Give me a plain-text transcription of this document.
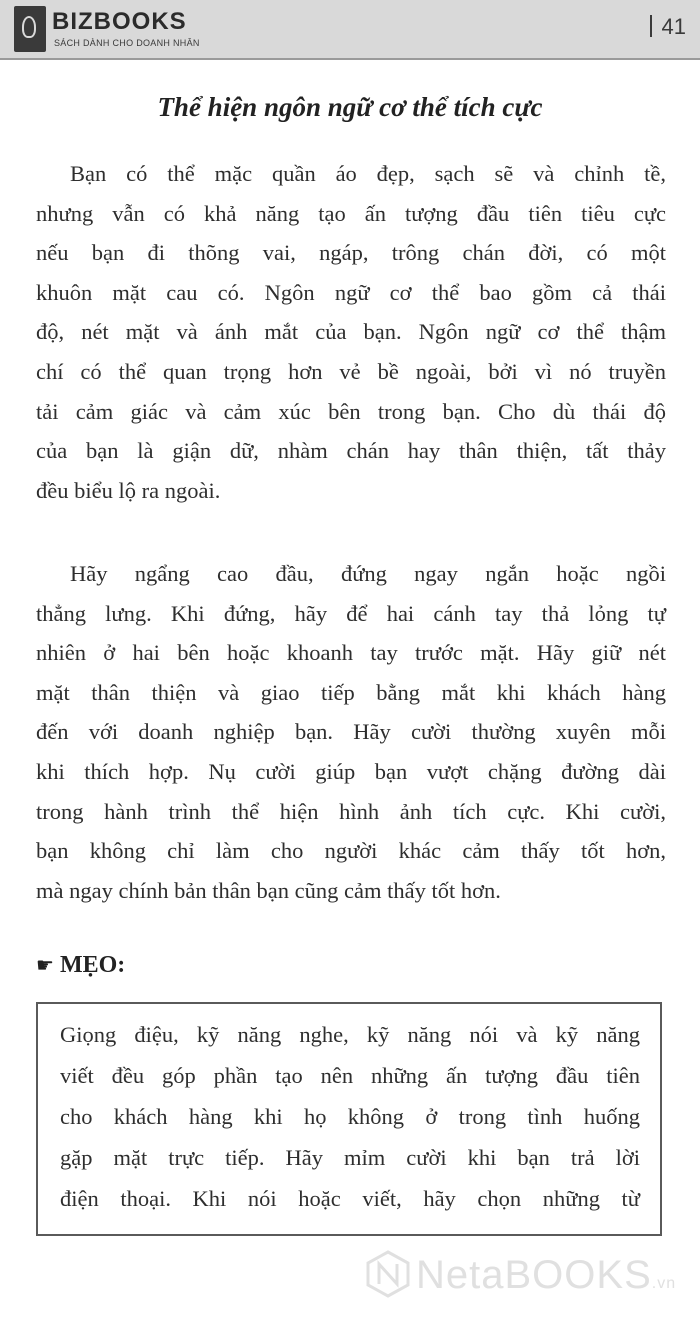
BIZBOOKS
SÁCH DÀNH CHO DOANH NHÂN
41
Thể hiện ngôn ngữ cơ thể tích cực
Bạn có thể mặc quần áo đẹp, sạch sẽ và chỉnh tề,
nhưng vẫn có khả năng tạo ấn tượng đầu tiên tiêu cực
nếu bạn đi thõng vai, ngáp, trông chán đời, có một
khuôn mặt cau có. Ngôn ngữ cơ thể bao gồm cả thái
độ, nét mặt và ánh mắt của bạn. Ngôn ngữ cơ thể thậm
chí có thể quan trọng hơn vẻ bề ngoài, bởi vì nó truyền
tải cảm giác và cảm xúc bên trong bạn. Cho dù thái độ
của bạn là giận dữ, nhàm chán hay thân thiện, tất thảy
đều biểu lộ ra ngoài.
Hãy ngẩng cao đầu, đứng ngay ngắn hoặc ngồi
thẳng lưng. Khi đứng, hãy để hai cánh tay thả lỏng tự
nhiên ở hai bên hoặc khoanh tay trước mặt. Hãy giữ nét
mặt thân thiện và giao tiếp bằng mắt khi khách hàng
đến với doanh nghiệp bạn. Hãy cười thường xuyên mỗi
khi thích hợp. Nụ cười giúp bạn vượt chặng đường dài
trong hành trình thể hiện hình ảnh tích cực. Khi cười,
bạn không chỉ làm cho người khác cảm thấy tốt hơn,
mà ngay chính bản thân bạn cũng cảm thấy tốt hơn.
☛ MẸO:
Giọng điệu, kỹ năng nghe, kỹ năng nói và kỹ năng
viết đều góp phần tạo nên những ấn tượng đầu tiên
cho khách hàng khi họ không ở trong tình huống
gặp mặt trực tiếp. Hãy mỉm cười khi bạn trả lời
điện thoại. Khi nói hoặc viết, hãy chọn những từ
NetaBOOKS.vn
